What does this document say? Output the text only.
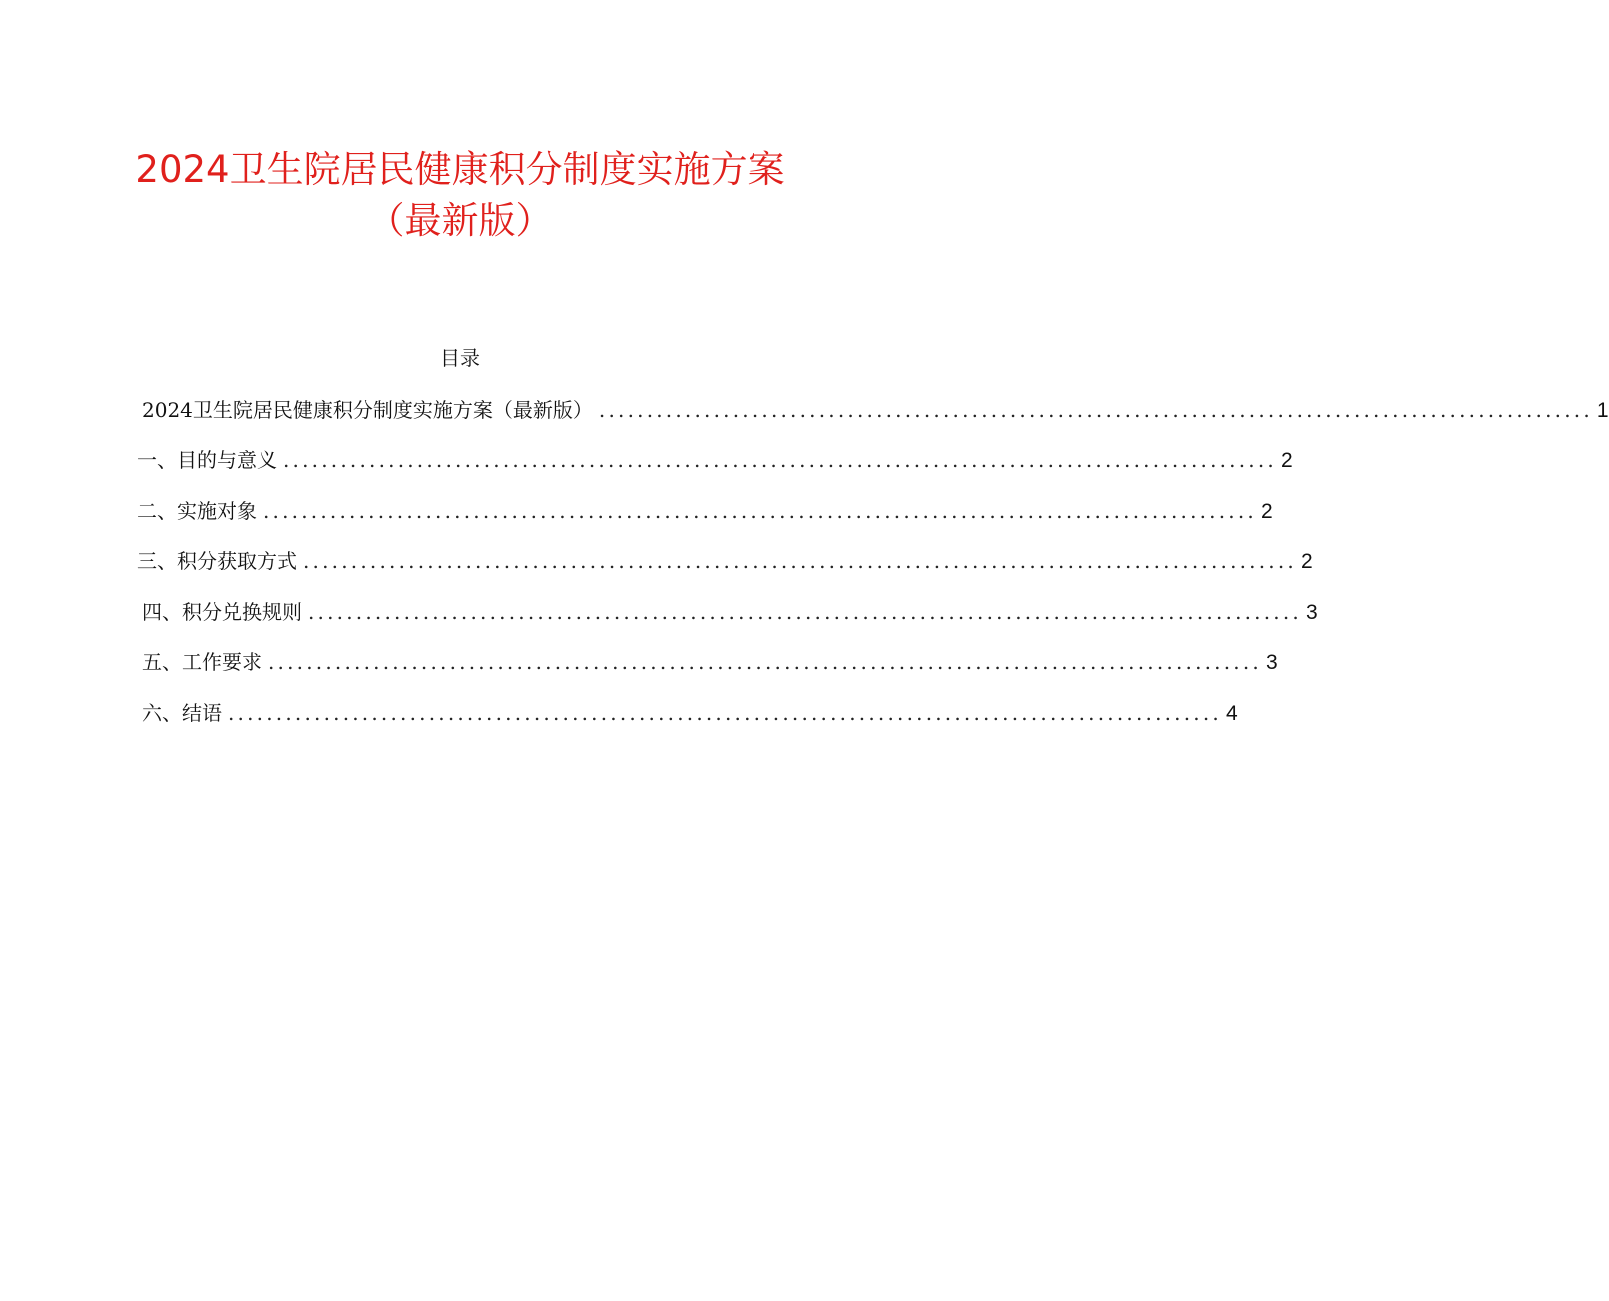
2024卫生院居民健康积分制度实施方案
（最新版）
目录
2024卫生院居民健康积分制度实施方案（最新版） ........................................................................................................ 1
一、目的与意义 ........................................................................................................ 2
二、实施对象 ........................................................................................................ 2
三、积分获取方式 ........................................................................................................ 2
四、积分兑换规则 ........................................................................................................ 3
五、工作要求 ........................................................................................................ 3
六、结语 ........................................................................................................ 4
